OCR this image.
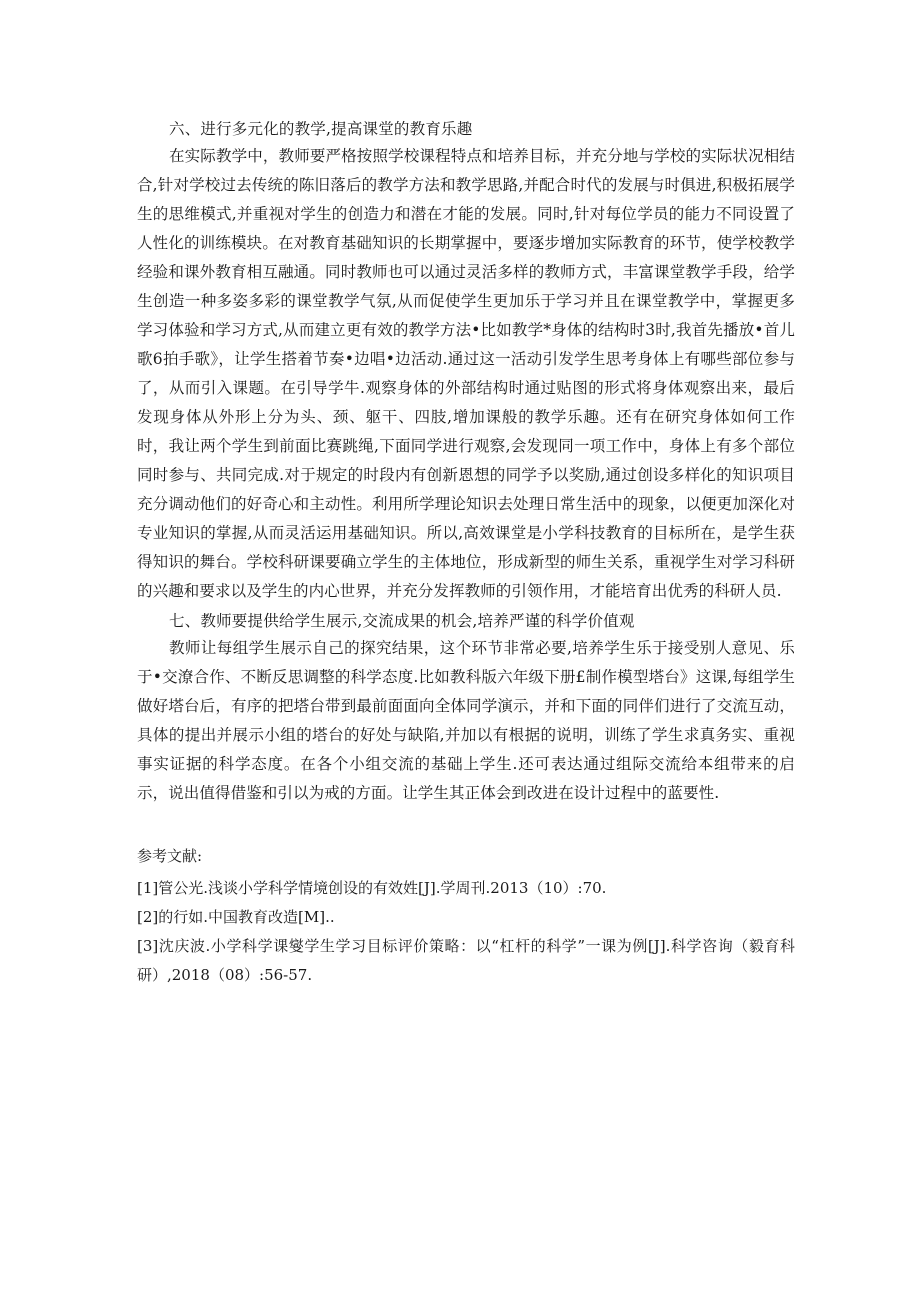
六、进行多元化的教学,提高课堂的教育乐趣

在实际教学中，教师要严格按照学校课程特点和培养目标，并充分地与学校的实际状况相结合,针对学校过去传统的陈旧落后的教学方法和教学思路,并配合时代的发展与时俱进,积极拓展学生的思维模式,并重视对学生的创造力和潜在才能的发展。同时,针对每位学员的能力不同设置了人性化的训练模块。在对教育基础知识的长期掌握中，要逐步增加实际教育的环节，使学校教学经验和课外教育相互融通。同时教师也可以通过灵活多样的教师方式，丰富课堂教学手段，给学生创造一种多姿多彩的课堂教学气氛,从而促使学生更加乐于学习并且在课堂教学中，掌握更多学习体验和学习方式,从而建立更有效的教学方法•比如教学*身体的结构时3时,我首先播放•首儿歌6拍手歌》，让学生搭着节奏•边唱•边活动.通过这一活动引发学生思考身体上有哪些部位参与了，从而引入课题。在引导学牛.观察身体的外部结构时通过贴图的形式将身体观察出来，最后发现身体从外形上分为头、颈、躯干、四肢,增加课般的教学乐趣。还有在研究身体如何工作时，我让两个学生到前面比赛跳绳,下面同学进行观察,会发现同一项工作中，身体上有多个部位同时参与、共同完成.对于规定的时段内有创新恩想的同学予以奖励,通过创设多样化的知识项目充分调动他们的好奇心和主动性。利用所学理论知识去处理日常生活中的现象，以便更加深化对专业知识的掌握,从而灵活运用基础知识。所以,高效课堂是小学科技教育的目标所在，是学生获得知识的舞台。学校科研课要确立学生的主体地位，形成新型的师生关系，重视学生对学习科研的兴趣和要求以及学生的内心世界，并充分发挥教师的引领作用，才能培育出优秀的科研人员.

七、教师要提供给学生展示,交流成果的机会,培养严谨的科学价值观

教师让每组学生展示自己的探究结果，这个环节非常必要,培养学生乐于接受别人意见、乐于•交潦合作、不断反思调整的科学态度.比如教科版六年级下册£制作模型塔台》这课,每组学生做好塔台后，有序的把塔台带到最前面面向全体同学演示，并和下面的同伴们进行了交流互动，具体的提出并展示小组的塔台的好处与缺陷,并加以有根据的说明，训练了学生求真务实、重视事实证据的科学态度。在各个小组交流的基础上学生.还可表达通过组际交流给本组带来的启示，说出值得借鉴和引以为戒的方面。让学生其正体会到改进在设计过程中的蓝要性.

参考文献:

[1]管公光.浅谈小学科学情境创设的有效姓[J].学周刊.2013（10）:70.

[2]的行如.中国教育改造[M]..

[3]沈庆波.小学科学课燮学生学习目标评价策略：以“杠杆的科学”一课为例[J].科学咨询（毅育科研）,2018（08）:56-57.
